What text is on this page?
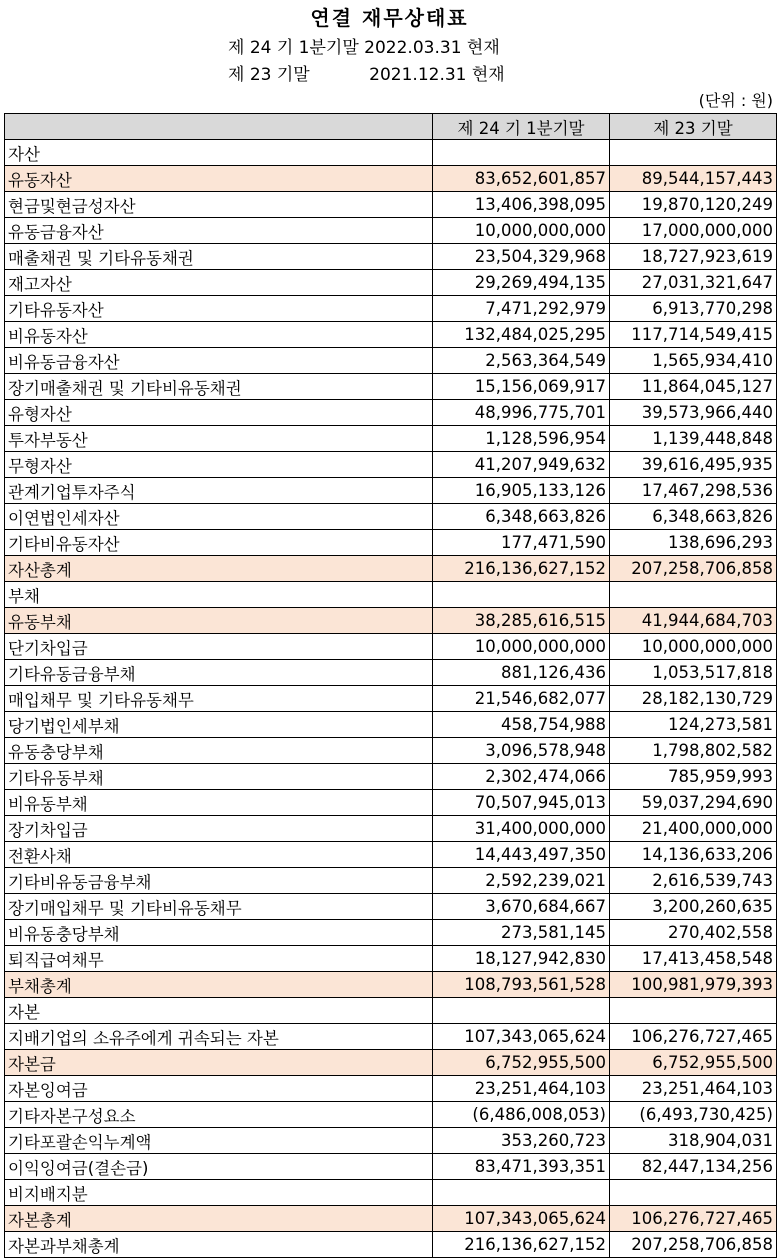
연결 재무상태표
제 24 기 1분기말 2022.03.31 현재
제 23 기말           2021.12.31 현재
(단위 : 원)
	제 24 기 1분기말	제 23 기말
자산		
유동자산	83,652,601,857	89,544,157,443
현금및현금성자산	13,406,398,095	19,870,120,249
유동금융자산	10,000,000,000	17,000,000,000
매출채권 및 기타유동채권	23,504,329,968	18,727,923,619
재고자산	29,269,494,135	27,031,321,647
기타유동자산	7,471,292,979	6,913,770,298
비유동자산	132,484,025,295	117,714,549,415
비유동금융자산	2,563,364,549	1,565,934,410
장기매출채권 및 기타비유동채권	15,156,069,917	11,864,045,127
유형자산	48,996,775,701	39,573,966,440
투자부동산	1,128,596,954	1,139,448,848
무형자산	41,207,949,632	39,616,495,935
관계기업투자주식	16,905,133,126	17,467,298,536
이연법인세자산	6,348,663,826	6,348,663,826
기타비유동자산	177,471,590	138,696,293
자산총계	216,136,627,152	207,258,706,858
부채		
유동부채	38,285,616,515	41,944,684,703
단기차입금	10,000,000,000	10,000,000,000
기타유동금융부채	881,126,436	1,053,517,818
매입채무 및 기타유동채무	21,546,682,077	28,182,130,729
당기법인세부채	458,754,988	124,273,581
유동충당부채	3,096,578,948	1,798,802,582
기타유동부채	2,302,474,066	785,959,993
비유동부채	70,507,945,013	59,037,294,690
장기차입금	31,400,000,000	21,400,000,000
전환사채	14,443,497,350	14,136,633,206
기타비유동금융부채	2,592,239,021	2,616,539,743
장기매입채무 및 기타비유동채무	3,670,684,667	3,200,260,635
비유동충당부채	273,581,145	270,402,558
퇴직급여채무	18,127,942,830	17,413,458,548
부채총계	108,793,561,528	100,981,979,393
자본		
지배기업의 소유주에게 귀속되는 자본	107,343,065,624	106,276,727,465
자본금	6,752,955,500	6,752,955,500
자본잉여금	23,251,464,103	23,251,464,103
기타자본구성요소	(6,486,008,053)	(6,493,730,425)
기타포괄손익누계액	353,260,723	318,904,031
이익잉여금(결손금)	83,471,393,351	82,447,134,256
비지배지분		
자본총계	107,343,065,624	106,276,727,465
자본과부채총계	216,136,627,152	207,258,706,858
